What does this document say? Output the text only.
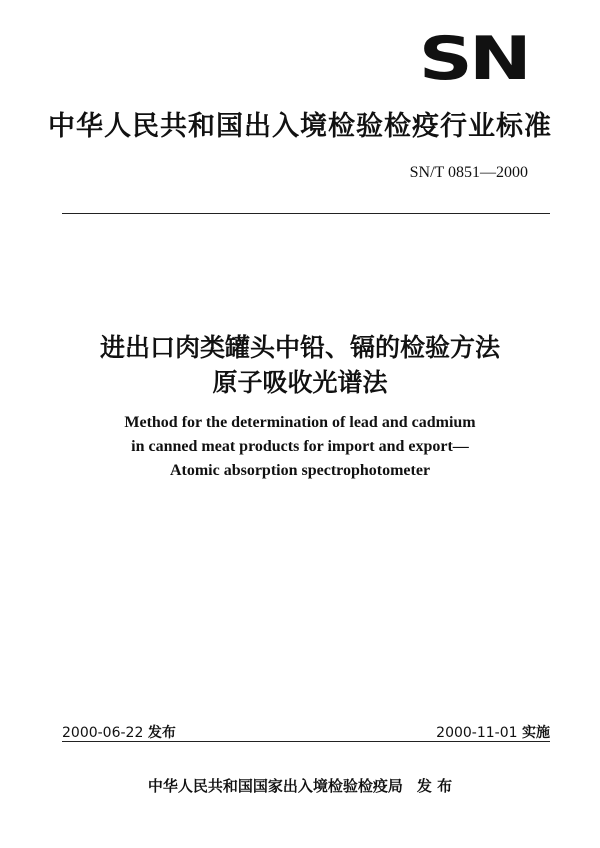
SN
中华人民共和国出入境检验检疫行业标准
SN/T 0851—2000
进出口肉类罐头中铅、镉的检验方法
原子吸收光谱法
Method for the determination of lead and cadmium
in canned meat products for import and export—
Atomic absorption spectrophotometer
2000-06-22 发布	2000-11-01 实施
中华人民共和国国家出入境检验检疫局 发 布
